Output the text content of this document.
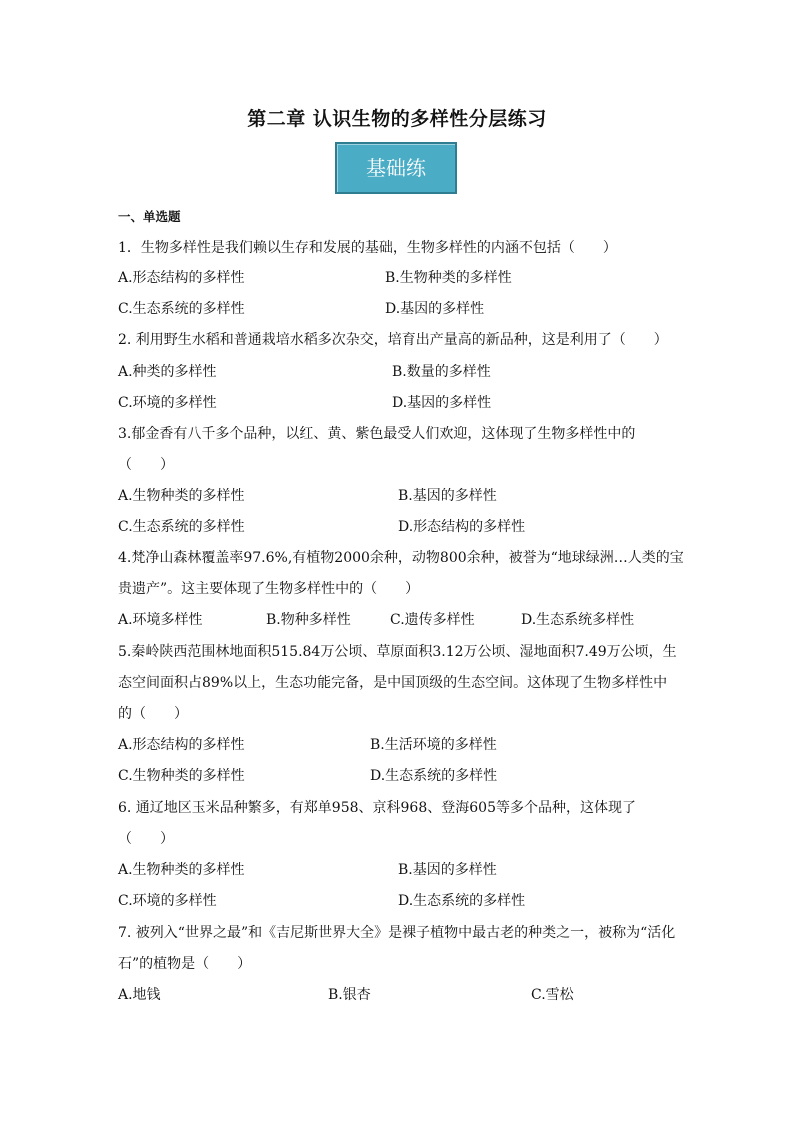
第二章 认识生物的多样性分层练习
基础练
一、单选题
1．生物多样性是我们赖以生存和发展的基础，生物多样性的内涵不包括（　　）
A.形态结构的多样性	B.生物种类的多样性
C.生态系统的多样性	D.基因的多样性
2. 利用野生水稻和普通栽培水稻多次杂交，培育出产量高的新品种，这是利用了（　　）
A.种类的多样性	B.数量的多样性
C.环境的多样性	D.基因的多样性
3.郁金香有八千多个品种，以红、黄、紫色最受人们欢迎，这体现了生物多样性中的
（　　）
A.生物种类的多样性	B.基因的多样性
C.生态系统的多样性	D.形态结构的多样性
4.梵净山森林覆盖率97.6%,有植物2000余种，动物800余种，被誉为“地球绿洲…人类的宝
贵遗产”。这主要体现了生物多样性中的（　　）
A.环境多样性	B.物种多样性	C.遗传多样性	D.生态系统多样性
5.秦岭陕西范围林地面积515.84万公顷、草原面积3.12万公顷、湿地面积7.49万公顷，生
态空间面积占89%以上，生态功能完备，是中国顶级的生态空间。这体现了生物多样性中
的（　　）
A.形态结构的多样性	B.生活环境的多样性
C.生物种类的多样性	D.生态系统的多样性
6. 通辽地区玉米品种繁多，有郑单958、京科968、登海605等多个品种，这体现了
（　　）
A.生物种类的多样性	B.基因的多样性
C.环境的多样性	D.生态系统的多样性
7. 被列入“世界之最”和《吉尼斯世界大全》是裸子植物中最古老的种类之一，被称为“活化
石”的植物是（　　）
A.地钱	B.银杏	C.雪松
